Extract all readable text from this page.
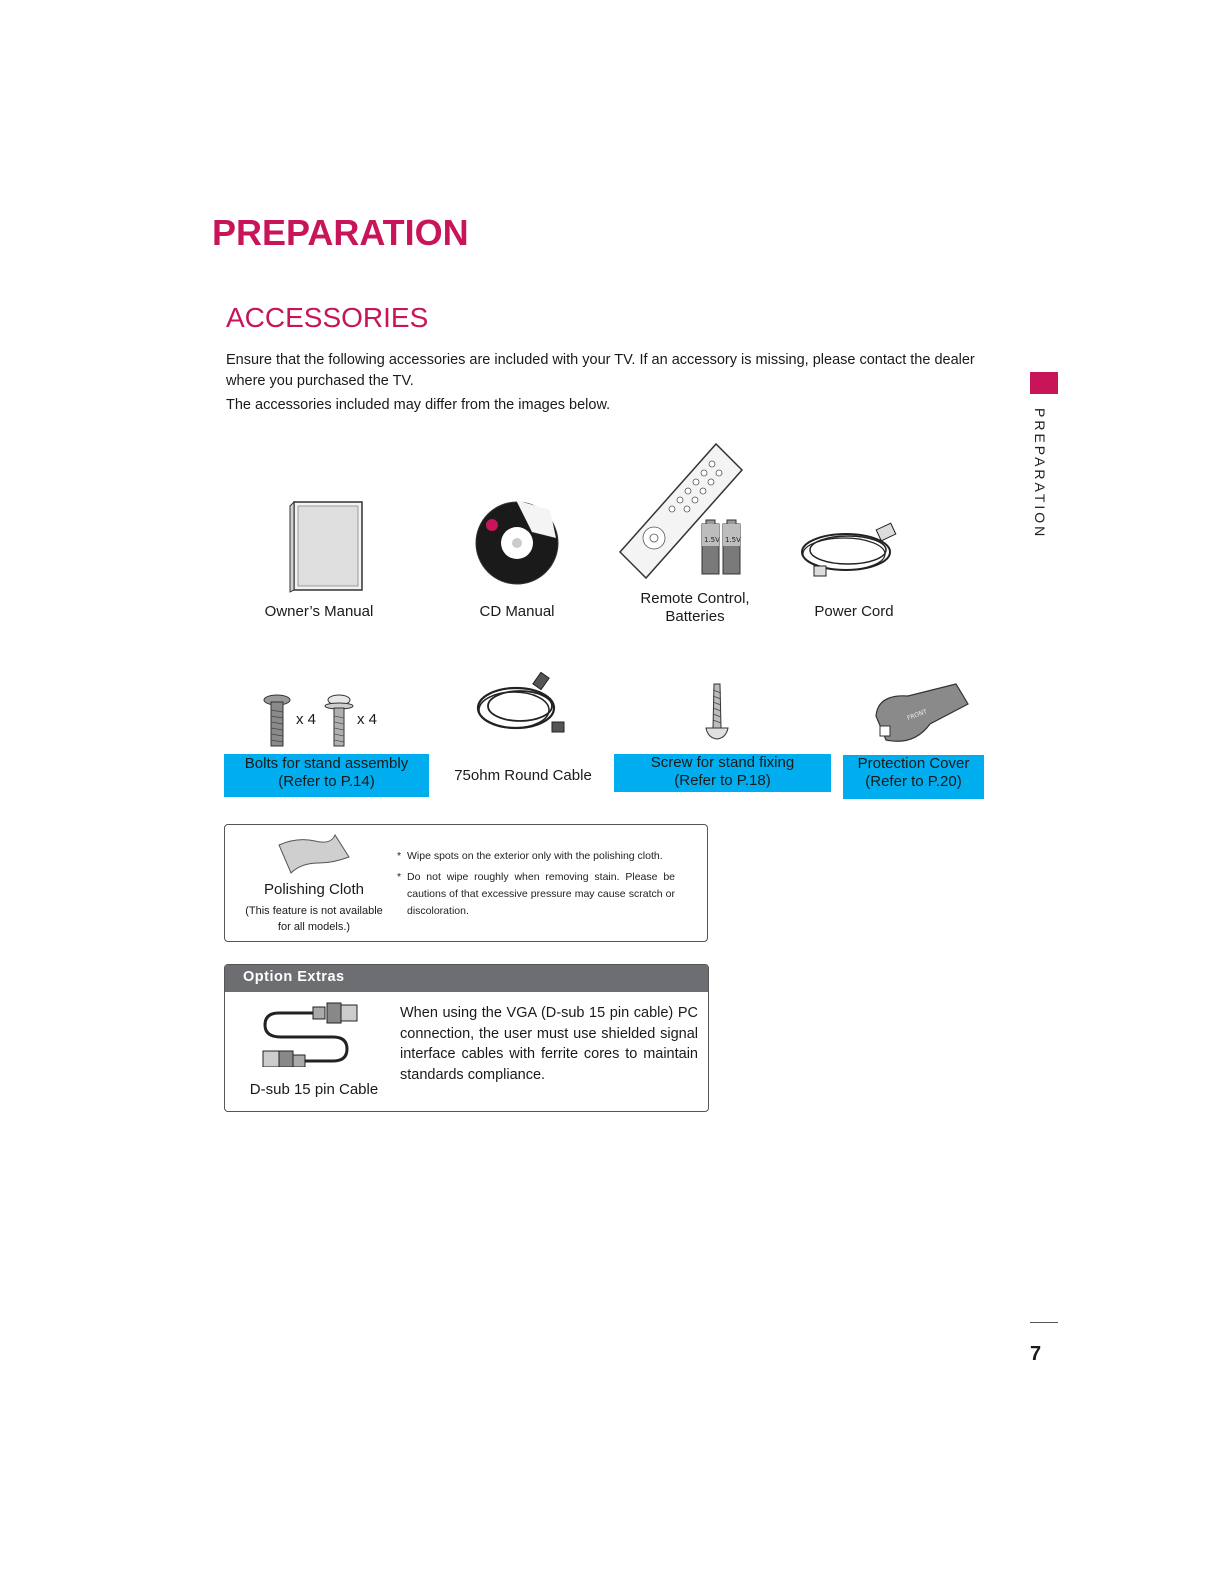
PREPARATION
ACCESSORIES

Ensure that the following accessories are included with your TV. If an accessory is missing, please contact the dealer where you purchased the TV.

The accessories included may differ from the images below.

PREPARATION
1.5V 1.5V
Owner’s Manual	CD Manual
Remote Control,
Batteries	Power Cord
x 4	x 4	FRONT
Bolts for stand assembly
(Refer to P.14)	75ohm Round Cable
Screw for stand fixing
(Refer to P.18)
Protection Cover
(Refer to P.20)
Polishing Cloth
(This feature is not available
for all models.)
* Wipe spots on the exterior only with the polishing cloth.
* Do not wipe roughly when removing stain. Please be cautions of that excessive pressure may cause scratch or discoloration.
Option Extras
D-sub 15 pin Cable
When using the VGA (D-sub 15 pin cable) PC connection, the user must use shielded signal interface cables with ferrite cores to maintain standards compliance.
7
